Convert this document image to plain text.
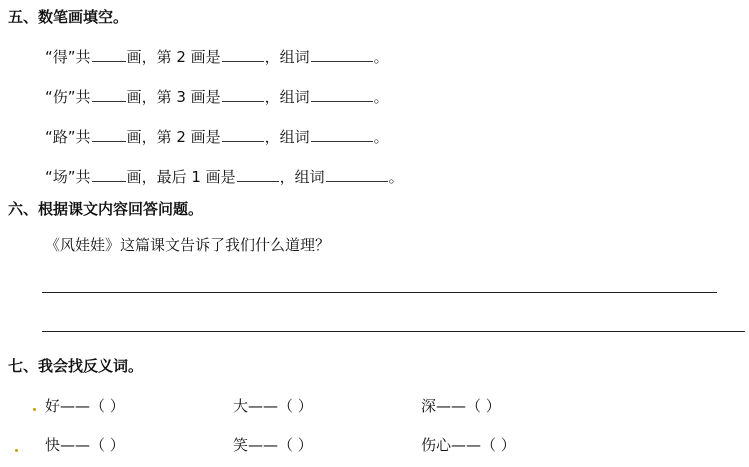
五、数笔画填空。
“得” 共 画，第 2 画是	，组词	。
“伤” 共 画，第 3 画是	，组词	。
“路” 共 画，第 2 画是	，组词	。
“场” 共 画，最后 1 画是	，组词	。
六、根据课文内容回答问题。
《风娃娃》这篇课文告诉了我们什么道理？
七、我会找反义词。
好——（ ）	大——（ ）	深——（ ）
快——（ ）	笑——（ ）	伤心——（ ）
